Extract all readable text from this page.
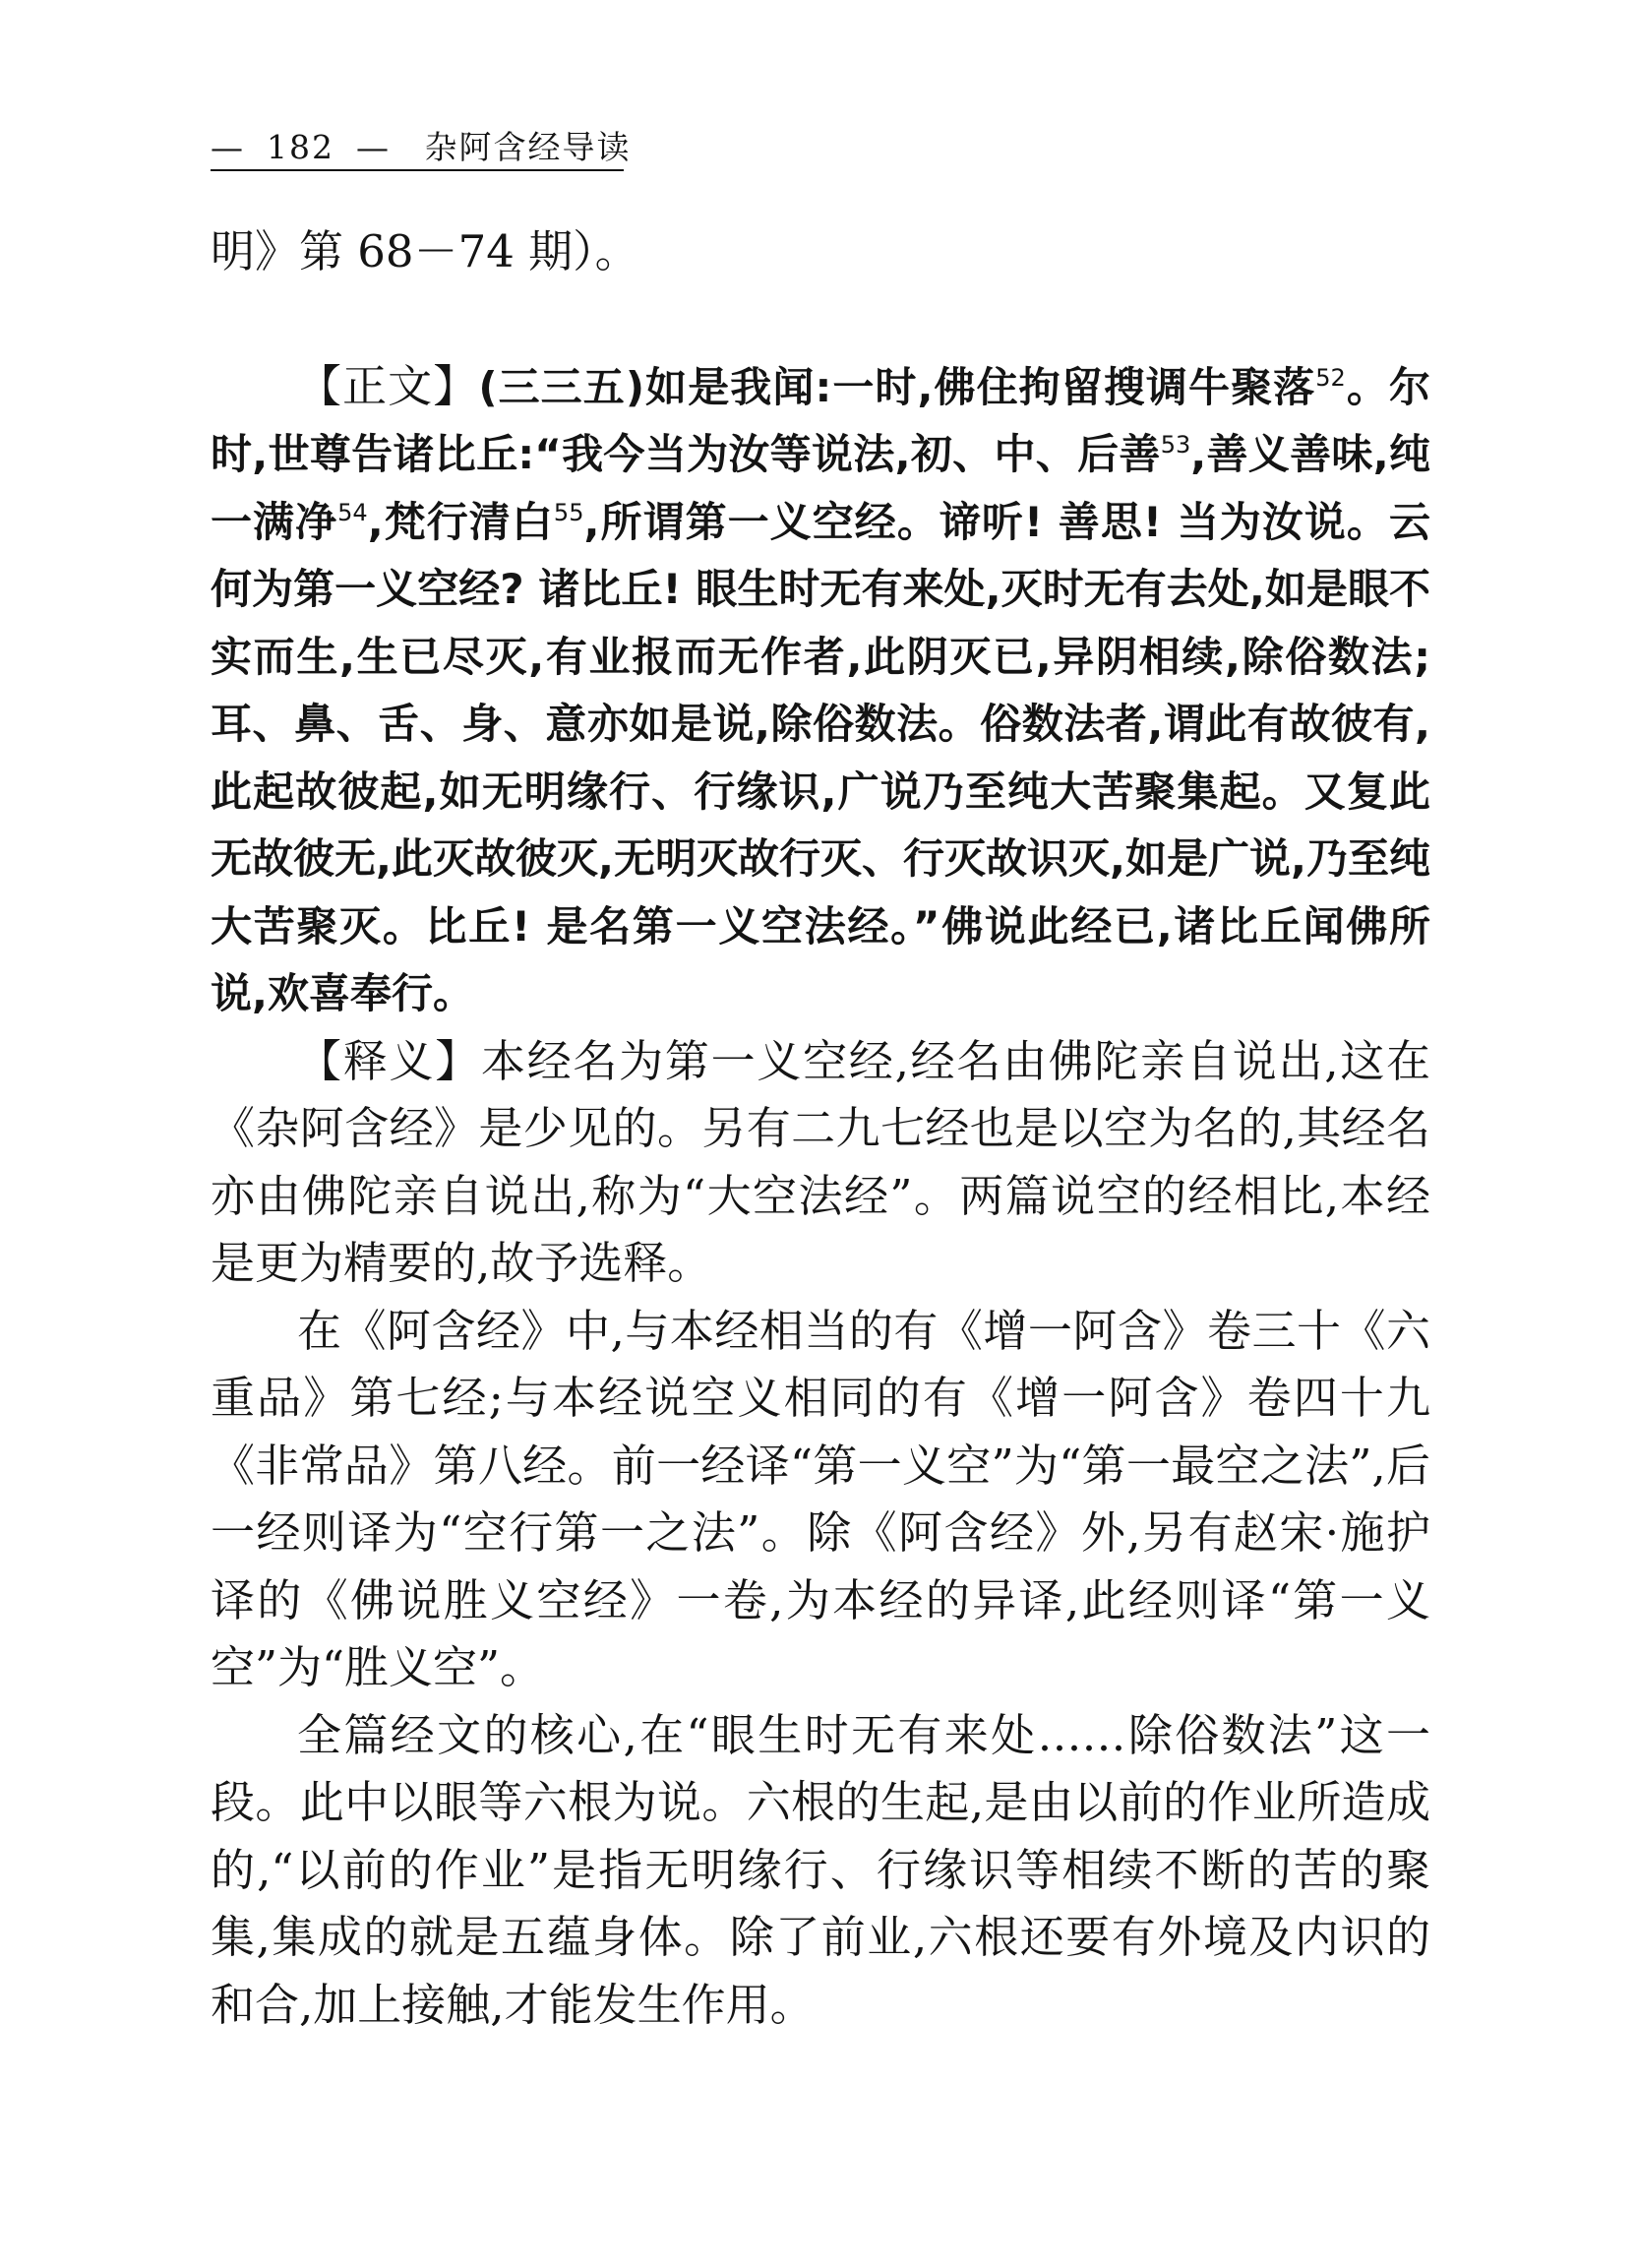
— 182 — 杂阿含经导读

明》第 68－74 期）。

【正文】(三三五)如是我闻:一时,佛住拘留搜调牛聚落$^{52}$。尔时,世尊告诸比丘:“我今当为汝等说法,初、中、后善$^{53}$,善义善味,纯一满净$^{54}$,梵行清白$^{55}$,所谓第一义空经。谛听! 善思! 当为汝说。云何为第一义空经? 诸比丘! 眼生时无有来处,灭时无有去处,如是眼不实而生,生已尽灭,有业报而无作者,此阴灭已,异阴相续,除俗数法;耳、鼻、舌、身、意亦如是说,除俗数法。俗数法者,谓此有故彼有,此起故彼起,如无明缘行、行缘识,广说乃至纯大苦聚集起。又复此无故彼无,此灭故彼灭,无明灭故行灭、行灭故识灭,如是广说,乃至纯大苦聚灭。比丘! 是名第一义空法经。”佛说此经已,诸比丘闻佛所说,欢喜奉行。

【释义】本经名为第一义空经,经名由佛陀亲自说出,这在《杂阿含经》是少见的。另有二九七经也是以空为名的,其经名亦由佛陀亲自说出,称为“大空法经”。两篇说空的经相比,本经是更为精要的,故予选释。

在《阿含经》中,与本经相当的有《增一阿含》卷三十《六重品》第七经;与本经说空义相同的有《增一阿含》卷四十九《非常品》第八经。前一经译“第一义空”为“第一最空之法”,后一经则译为“空行第一之法”。除《阿含经》外,另有赵宋·施护译的《佛说胜义空经》一卷,为本经的异译,此经则译“第一义空”为“胜义空”。

全篇经文的核心,在“眼生时无有来处……除俗数法”这一段。此中以眼等六根为说。六根的生起,是由以前的作业所造成的,“以前的作业”是指无明缘行、行缘识等相续不断的苦的聚集,集成的就是五蕴身体。除了前业,六根还要有外境及内识的和合,加上接触,才能发生作用。
